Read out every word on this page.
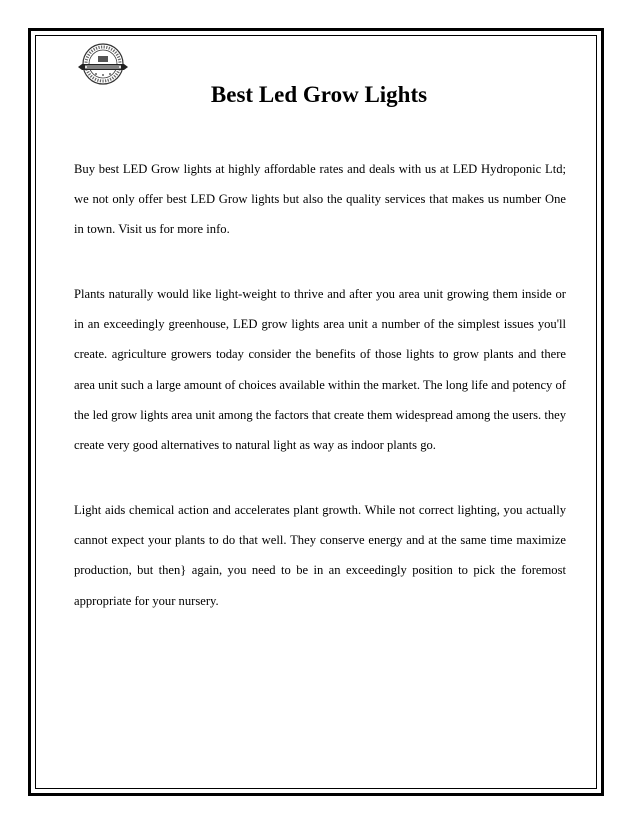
Best Led Grow Lights

Buy best LED Grow lights at highly affordable rates and deals with us at LED Hydroponic Ltd; we not only offer best LED Grow lights but also the quality services that makes us number One in town. Visit us for more info.

Plants naturally would like light-weight to thrive and after you area unit growing them inside or in an exceedingly greenhouse, LED grow lights area unit a number of the simplest issues you'll create. agriculture growers today consider the benefits of those lights to grow plants and there area unit such a large amount of choices available within the market. The long life and potency of the led grow lights area unit among the factors that create them widespread among the users. they create very good alternatives to natural light as way as indoor plants go.

Light aids chemical action and accelerates plant growth. While not correct lighting, you actually cannot expect your plants to do that well. They conserve energy and at the same time maximize production, but then} again, you need to be in an exceedingly position to pick the foremost appropriate for your nursery.
